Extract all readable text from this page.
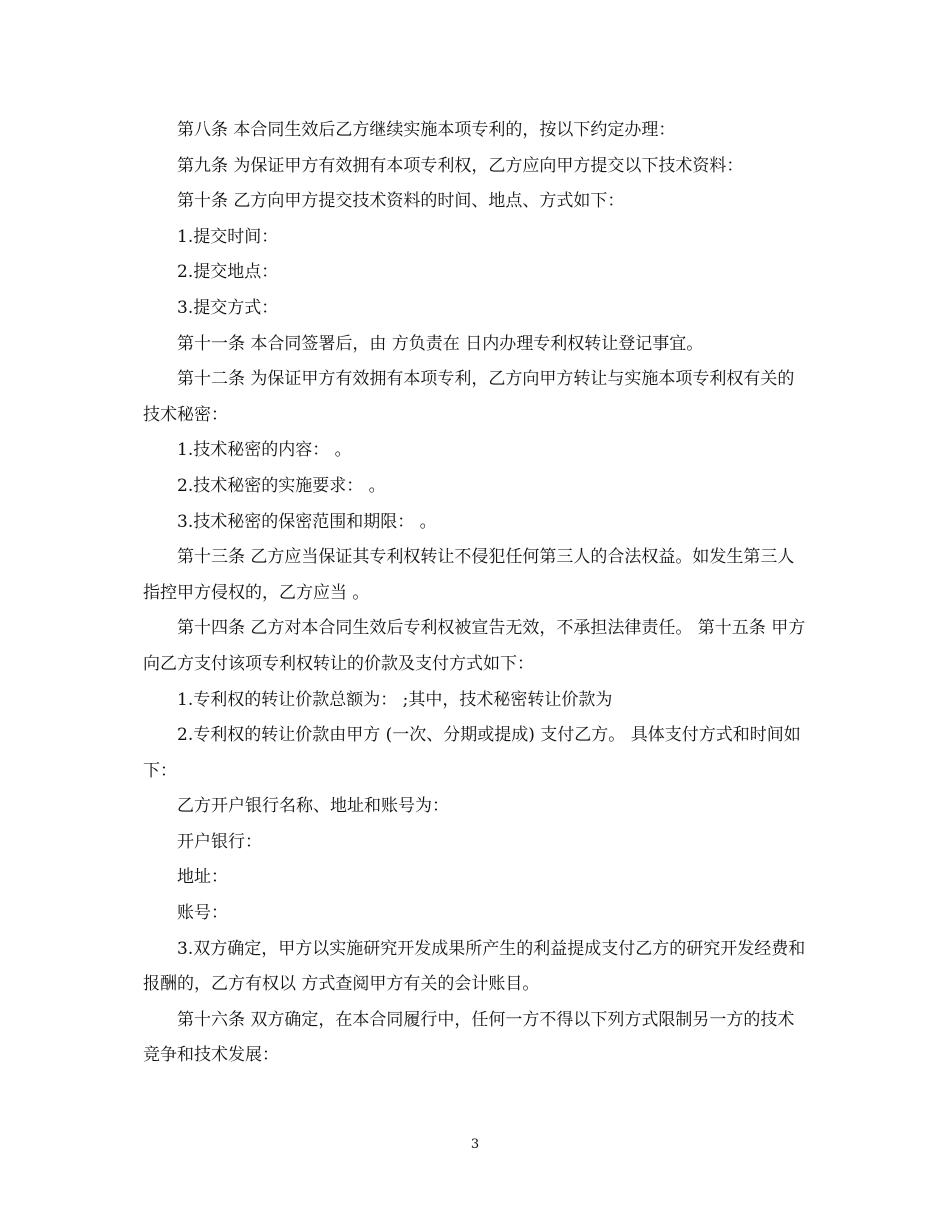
第八条 本合同生效后乙方继续实施本项专利的，按以下约定办理：

第九条 为保证甲方有效拥有本项专利权，乙方应向甲方提交以下技术资料：

第十条 乙方向甲方提交技术资料的时间、地点、方式如下：

1.提交时间：

2.提交地点：

3.提交方式：

第十一条 本合同签署后，由 方负责在 日内办理专利权转让登记事宜。

第十二条 为保证甲方有效拥有本项专利，乙方向甲方转让与实施本项专利权有关的技术秘密：

1.技术秘密的内容： 。

2.技术秘密的实施要求： 。

3.技术秘密的保密范围和期限： 。

第十三条 乙方应当保证其专利权转让不侵犯任何第三人的合法权益。如发生第三人指控甲方侵权的，乙方应当 。

第十四条 乙方对本合同生效后专利权被宣告无效，不承担法律责任。 第十五条 甲方向乙方支付该项专利权转让的价款及支付方式如下：

1.专利权的转让价款总额为： ;其中，技术秘密转让价款为

2.专利权的转让价款由甲方 (一次、分期或提成) 支付乙方。 具体支付方式和时间如下：

乙方开户银行名称、地址和账号为：

开户银行：

地址：

账号：

3.双方确定，甲方以实施研究开发成果所产生的利益提成支付乙方的研究开发经费和报酬的，乙方有权以 方式查阅甲方有关的会计账目。

第十六条 双方确定，在本合同履行中，任何一方不得以下列方式限制另一方的技术竞争和技术发展：

3
